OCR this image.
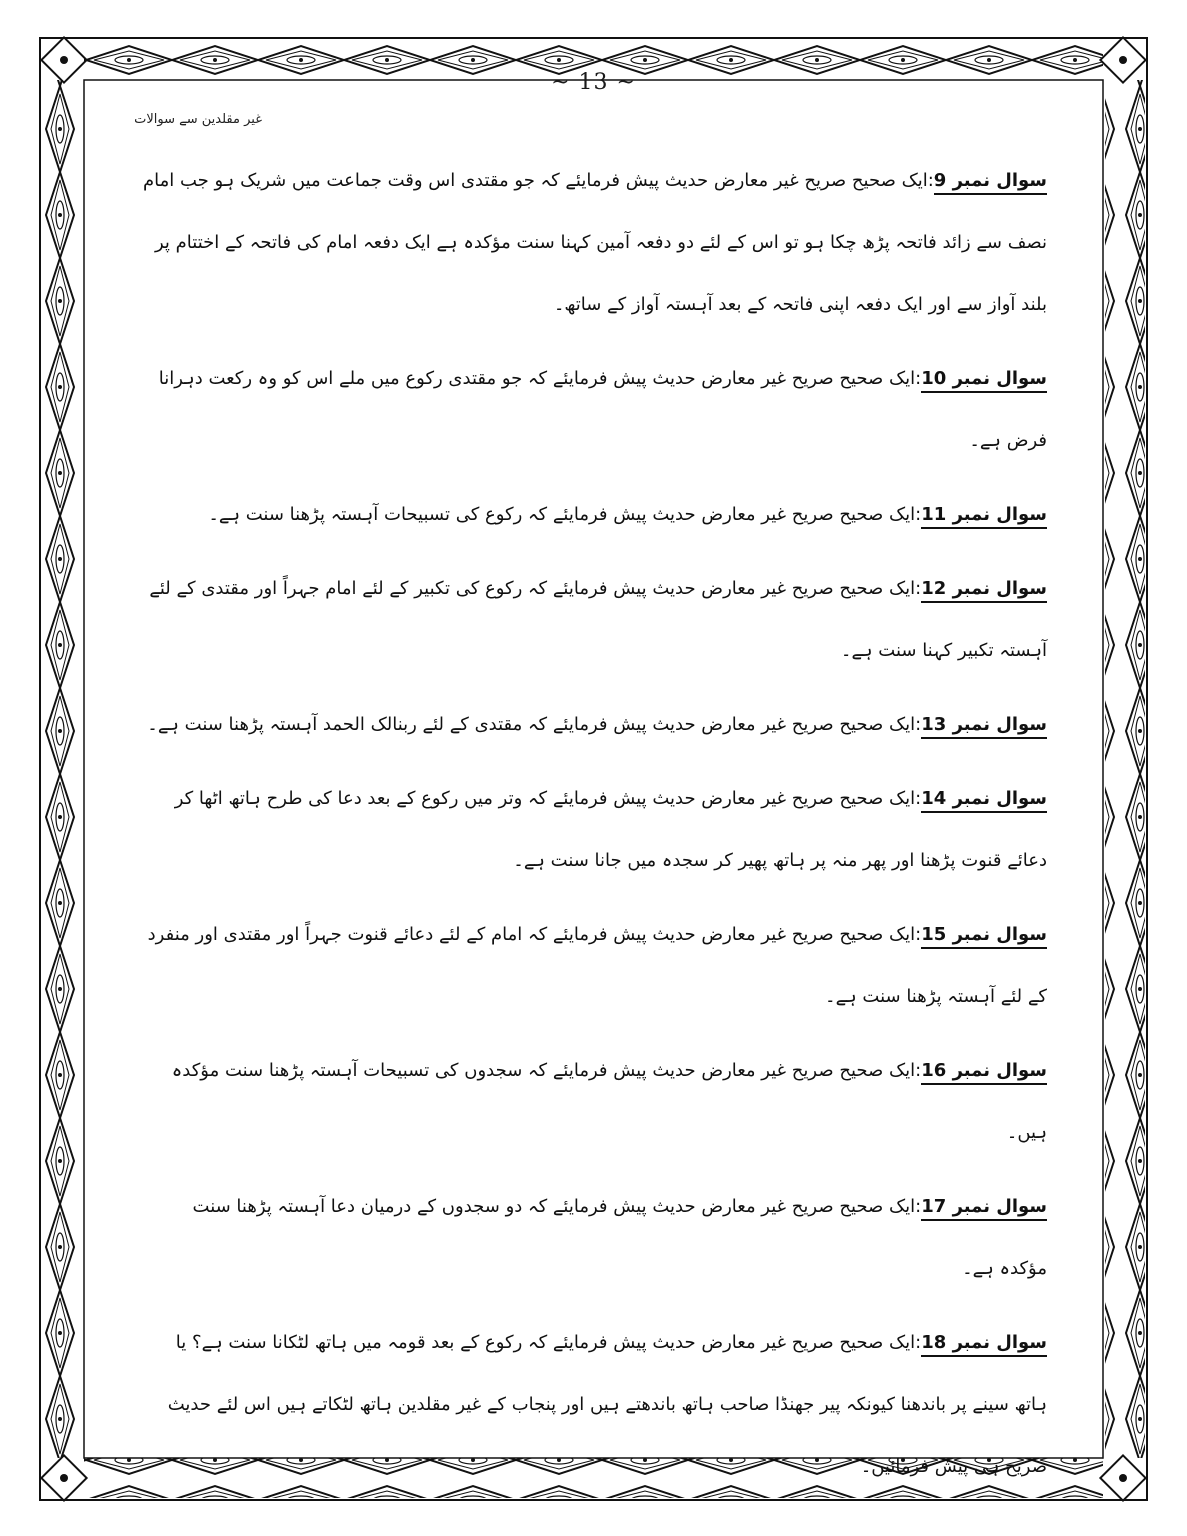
~ 13 ~
غیر مقلدین سے سوالات

سوال نمبر 9:ایک صحیح صریح غیر معارض حدیث پیش فرمایئے کہ جو مقتدی اس وقت جماعت میں شریک ہو جب امام نصف سے زائد فاتحہ پڑھ چکا ہو تو اس کے لئے دو دفعہ آمین کہنا سنت مؤکدہ ہے ایک دفعہ امام کی فاتحہ کے اختتام پر بلند آواز سے اور ایک دفعہ اپنی فاتحہ کے بعد آہستہ آواز کے ساتھ۔

سوال نمبر 10:ایک صحیح صریح غیر معارض حدیث پیش فرمایئے کہ جو مقتدی رکوع میں ملے اس کو وہ رکعت دہرانا فرض ہے۔

سوال نمبر 11:ایک صحیح صریح غیر معارض حدیث پیش فرمایئے کہ رکوع کی تسبیحات آہستہ پڑھنا سنت ہے۔

سوال نمبر 12:ایک صحیح صریح غیر معارض حدیث پیش فرمایئے کہ رکوع کی تکبیر کے لئے امام جہراً اور مقتدی کے لئے آہستہ تکبیر کہنا سنت ہے۔

سوال نمبر 13:ایک صحیح صریح غیر معارض حدیث پیش فرمایئے کہ مقتدی کے لئے ربنالک الحمد آہستہ پڑھنا سنت ہے۔

سوال نمبر 14:ایک صحیح صریح غیر معارض حدیث پیش فرمایئے کہ وتر میں رکوع کے بعد دعا کی طرح ہاتھ اٹھا کر دعائے قنوت پڑھنا اور پھر منہ پر ہاتھ پھیر کر سجدہ میں جانا سنت ہے۔

سوال نمبر 15:ایک صحیح صریح غیر معارض حدیث پیش فرمایئے کہ امام کے لئے دعائے قنوت جہراً اور مقتدی اور منفرد کے لئے آہستہ پڑھنا سنت ہے۔

سوال نمبر 16:ایک صحیح صریح غیر معارض حدیث پیش فرمایئے کہ سجدوں کی تسبیحات آہستہ پڑھنا سنت مؤکدہ ہیں۔

سوال نمبر 17:ایک صحیح صریح غیر معارض حدیث پیش فرمایئے کہ دو سجدوں کے درمیان دعا آہستہ پڑھنا سنت مؤکدہ ہے۔

سوال نمبر 18:ایک صحیح صریح غیر معارض حدیث پیش فرمایئے کہ رکوع کے بعد قومہ میں ہاتھ لٹکانا سنت ہے؟ یا ہاتھ سینے پر باندھنا کیونکہ پیر جھنڈا صاحب ہاتھ باندھتے ہیں اور پنجاب کے غیر مقلدین ہاتھ لٹکاتے ہیں اس لئے حدیث صریح ہی پیش فرمائیں۔
